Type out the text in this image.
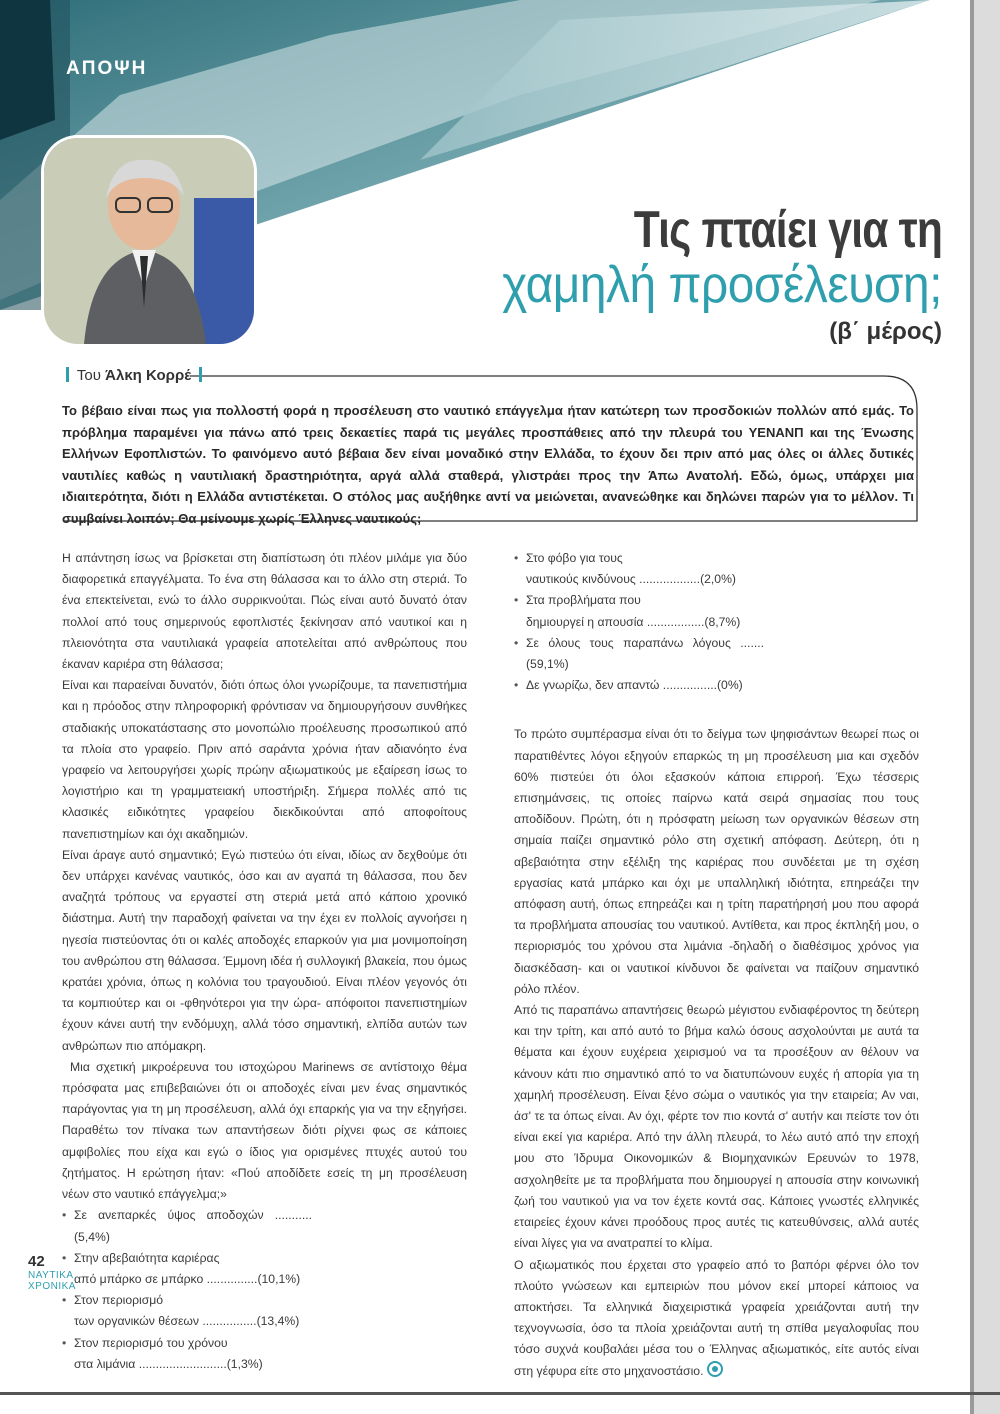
ΑΠΟΨΗ
Τις πταίει για τη
χαμηλή προσέλευση;
(β΄ μέρος)
Του Άλκη Κορρέ
Το βέβαιο είναι πως για πολλοστή φορά η προσέλευση στο ναυτικό επάγγελμα ήταν κατώτερη των προσδοκιών πολλών από εμάς. Το πρόβλημα παραμένει για πάνω από τρεις δεκαετίες παρά τις μεγάλες προσπάθειες από την πλευρά του ΥΕΝΑΝΠ και της Ένωσης Ελλήνων Εφοπλιστών. Το φαινόμενο αυτό βέβαια δεν είναι μοναδικό στην Ελλάδα, το έχουν δει πριν από μας όλες οι άλλες δυτικές ναυτιλίες καθώς η ναυτιλιακή δραστηριότητα, αργά αλλά σταθερά, γλιστράει προς την Άπω Ανατολή. Εδώ, όμως, υπάρχει μια ιδιαιτερότητα, διότι η Ελλάδα αντιστέκεται. Ο στόλος μας αυξήθηκε αντί να μειώνεται, ανανεώθηκε και δηλώνει παρών για το μέλλον. Τι συμβαίνει λοιπόν; Θα μείνουμε χωρίς Έλληνες ναυτικούς;

Η απάντηση ίσως να βρίσκεται στη διαπίστωση ότι πλέον μιλάμε για δύο διαφορετικά επαγγέλματα. Το ένα στη θάλασσα και το άλλο στη στεριά. Το ένα επεκτείνεται, ενώ το άλλο συρρικνούται. Πώς είναι αυτό δυνατό όταν πολλοί από τους σημερινούς εφοπλιστές ξεκίνησαν από ναυτικοί και η πλειονότητα στα ναυτιλιακά γραφεία αποτελείται από ανθρώπους που έκαναν καριέρα στη θάλασσα;

Είναι και παραείναι δυνατόν, διότι όπως όλοι γνωρίζουμε, τα πανεπιστήμια και η πρόοδος στην πληροφορική φρόντισαν να δημιουργήσουν συνθήκες σταδιακής υποκατάστασης στο μονοπώλιο προέλευσης προσωπικού από τα πλοία στο γραφείο. Πριν από σαράντα χρόνια ήταν αδιανόητο ένα γραφείο να λειτουργήσει χωρίς πρώην αξιωματικούς με εξαίρεση ίσως το λογιστήριο και τη γραμματειακή υποστήριξη. Σήμερα πολλές από τις κλασικές ειδικότητες γραφείου διεκδικούνται από αποφοίτους πανεπιστημίων και όχι ακαδημιών.

Είναι άραγε αυτό σημαντικό; Εγώ πιστεύω ότι είναι, ιδίως αν δεχθούμε ότι δεν υπάρχει κανένας ναυτικός, όσο και αν αγαπά τη θάλασσα, που δεν αναζητά τρόπους να εργαστεί στη στεριά μετά από κάποιο χρονικό διάστημα. Αυτή την παραδοχή φαίνεται να την έχει εν πολλοίς αγνοήσει η ηγεσία πιστεύοντας ότι οι καλές αποδοχές επαρκούν για μια μονιμοποίηση του ανθρώπου στη θάλασσα. Έμμονη ιδέα ή συλλογική βλακεία, που όμως κρατάει χρόνια, όπως η κολόνια του τραγουδιού. Είναι πλέον γεγονός ότι τα κομπιούτερ και οι -φθηνότεροι για την ώρα- απόφοιτοι πανεπιστημίων έχουν κάνει αυτή την ενδόμυχη, αλλά τόσο σημαντική, ελπίδα αυτών των ανθρώπων πιο απόμακρη.

Μια σχετική μικροέρευνα του ιστοχώρου Marinews σε αντίστοιχο θέμα πρόσφατα μας επιβεβαιώνει ότι οι αποδοχές είναι μεν ένας σημαντικός παράγοντας για τη μη προσέλευση, αλλά όχι επαρκής για να την εξηγήσει. Παραθέτω τον πίνακα των απαντήσεων διότι ρίχνει φως σε κάποιες αμφιβολίες που είχα και εγώ ο ίδιος για ορισμένες πτυχές αυτού του ζητήματος. Η ερώτηση ήταν: «Πού αποδίδετε εσείς τη μη προσέλευση νέων στο ναυτικό επάγγελμα;»

• Σε ανεπαρκές ύψος αποδοχών ...........(5,4%)
• Στην αβεβαιότητα καριέρας
από μπάρκο σε μπάρκο ...............(10,1%)
• Στον περιορισμό
των οργανικών θέσεων ................(13,4%)
• Στον περιορισμό του χρόνου
στα λιμάνια ..........................(1,3%)
• Στο φόβο για τους
ναυτικούς κινδύνους ..................(2,0%)
• Στα προβλήματα που
δημιουργεί η απουσία .................(8,7%)
• Σε όλους τους παραπάνω λόγους .......(59,1%)
• Δε γνωρίζω, δεν απαντώ ................(0%)

Το πρώτο συμπέρασμα είναι ότι το δείγμα των ψηφισάντων θεωρεί πως οι παρατιθέντες λόγοι εξηγούν επαρκώς τη μη προσέλευση μια και σχεδόν 60% πιστεύει ότι όλοι εξασκούν κάποια επιρροή. Έχω τέσσερις επισημάνσεις, τις οποίες παίρνω κατά σειρά σημασίας που τους αποδίδουν. Πρώτη, ότι η πρόσφατη μείωση των οργανικών θέσεων στη σημαία παίζει σημαντικό ρόλο στη σχετική απόφαση. Δεύτερη, ότι η αβεβαιότητα στην εξέλιξη της καριέρας που συνδέεται με τη σχέση εργασίας κατά μπάρκο και όχι με υπαλληλική ιδιότητα, επηρεάζει την απόφαση αυτή, όπως επηρεάζει και η τρίτη παρατήρησή μου που αφορά τα προβλήματα απουσίας του ναυτικού. Αντίθετα, και προς έκπληξή μου, ο περιορισμός του χρόνου στα λιμάνια -δηλαδή ο διαθέσιμος χρόνος για διασκέδαση- και οι ναυτικοί κίνδυνοι δε φαίνεται να παίζουν σημαντικό ρόλο πλέον.

Από τις παραπάνω απαντήσεις θεωρώ μέγιστου ενδιαφέροντος τη δεύτερη και την τρίτη, και από αυτό το βήμα καλώ όσους ασχολούνται με αυτά τα θέματα και έχουν ευχέρεια χειρισμού να τα προσέξουν αν θέλουν να κάνουν κάτι πιο σημαντικό από το να διατυπώνουν ευχές ή απορία για τη χαμηλή προσέλευση. Είναι ξένο σώμα ο ναυτικός για την εταιρεία; Αν ναι, άσ' τε τα όπως είναι. Αν όχι, φέρτε τον πιο κοντά σ' αυτήν και πείστε τον ότι είναι εκεί για καριέρα. Από την άλλη πλευρά, το λέω αυτό από την εποχή μου στο Ίδρυμα Οικονομικών & Βιομηχανικών Ερευνών το 1978, ασχοληθείτε με τα προβλήματα που δημιουργεί η απουσία στην κοινωνική ζωή του ναυτικού για να τον έχετε κοντά σας. Κάποιες γνωστές ελληνικές εταιρείες έχουν κάνει προόδους προς αυτές τις κατευθύνσεις, αλλά αυτές είναι λίγες για να ανατραπεί το κλίμα.

Ο αξιωματικός που έρχεται στο γραφείο από το βαπόρι φέρνει όλο τον πλούτο γνώσεων και εμπειριών που μόνον εκεί μπορεί κάποιος να αποκτήσει. Τα ελληνικά διαχειριστικά γραφεία χρειάζονται αυτή την τεχνογνωσία, όσο τα πλοία χρειάζονται αυτή τη σπίθα μεγαλοφυΐας που τόσο συχνά κουβαλάει μέσα του ο Έλληνας αξιωματικός, είτε αυτός είναι στη γέφυρα είτε στο μηχανοστάσιο.

42
ΝΑΥΤΙΚΑ
ΧΡΟΝΙΚΑ
